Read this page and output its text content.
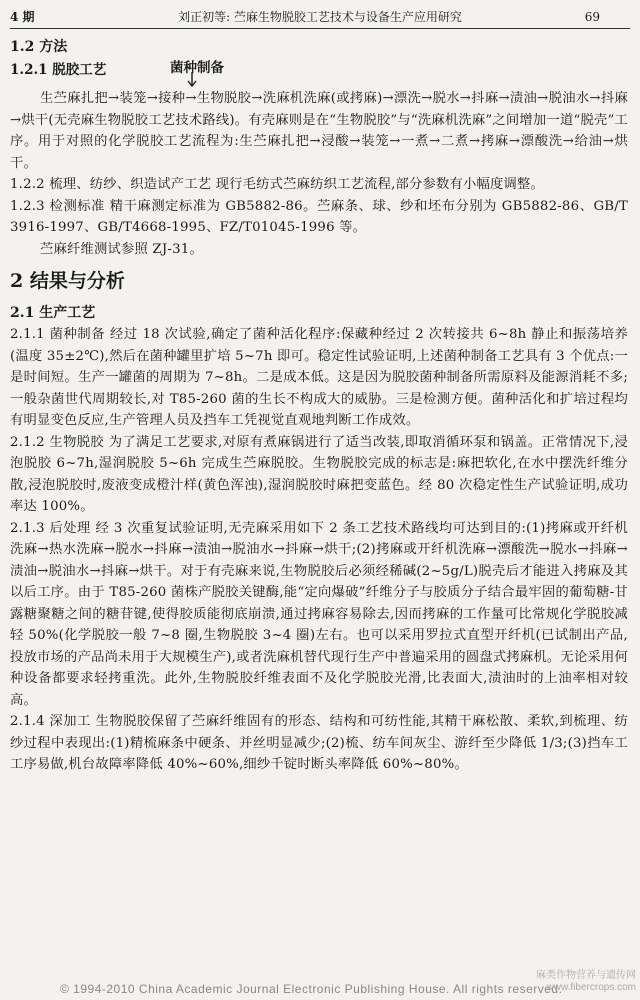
4 期	刘正初等: 苎麻生物脱胶工艺技术与设备生产应用研究	69

1.2 方法

1.2.1 脱胶工艺	菌种制备

生苎麻扎把→装笼→接种→生物脱胶→洗麻机洗麻(或拷麻)→漂洗→脱水→抖麻→渍油→脱油水→抖麻→烘干(无壳麻生物脱胶工艺技术路线)。有壳麻则是在“生物脱胶”与“洗麻机洗麻”之间增加一道“脱壳”工序。用于对照的化学脱胶工艺流程为:生苎麻扎把→浸酸→装笼→一煮→二煮→拷麻→漂酸洗→给油→烘干。

1.2.2 梳理、纺纱、织造试产工艺 现行毛纺式苎麻纺织工艺流程,部分参数有小幅度调整。

1.2.3 检测标准 精干麻测定标准为 GB5882-86。苎麻条、球、纱和坯布分别为 GB5882-86、GB/T 3916-1997、GB/T4668-1995、FZ/T01045-1996 等。

苎麻纤维测试参照 ZJ-31。

2 结果与分析

2.1 生产工艺

2.1.1 菌种制备 经过 18 次试验,确定了菌种活化程序:保藏种经过 2 次转接共 6~8h 静止和振荡培养(温度 35±2℃),然后在菌种罐里扩培 5~7h 即可。稳定性试验证明,上述菌种制备工艺具有 3 个优点:一是时间短。生产一罐菌的周期为 7~8h。二是成本低。这是因为脱胶菌种制备所需原料及能源消耗不多;一般杂菌世代周期较长,对 T85-260 菌的生长不构成大的威胁。三是检测方便。菌种活化和扩培过程均有明显变色反应,生产管理人员及挡车工凭视觉直观地判断工作成效。

2.1.2 生物脱胶 为了满足工艺要求,对原有煮麻锅进行了适当改装,即取消循环泵和锅盖。正常情况下,浸泡脱胶 6~7h,湿润脱胶 5~6h 完成生苎麻脱胶。生物脱胶完成的标志是:麻把软化,在水中摆洗纤维分散,浸泡脱胶时,废液变成橙汁样(黄色浑浊),湿润脱胶时麻把变蓝色。经 80 次稳定性生产试验证明,成功率达 100%。

2.1.3 后处理 经 3 次重复试验证明,无壳麻采用如下 2 条工艺技术路线均可达到目的:(1)拷麻或开纤机洗麻→热水洗麻→脱水→抖麻→渍油→脱油水→抖麻→烘干;(2)拷麻或开纤机洗麻→漂酸洗→脱水→抖麻→渍油→脱油水→抖麻→烘干。对于有壳麻来说,生物脱胶后必须经稀碱(2~5g/L)脱壳后才能进入拷麻及其以后工序。由于 T85-260 菌株产脱胶关键酶,能“定向爆破”纤维分子与胶质分子结合最牢固的葡萄糖-甘露糖聚糖之间的糖苷键,使得胶质能彻底崩溃,通过拷麻容易除去,因而拷麻的工作量可比常规化学脱胶减轻 50%(化学脱胶一般 7~8 圈,生物脱胶 3~4 圈)左右。也可以采用罗拉式直型开纤机(已试制出产品,投放市场的产品尚未用于大规模生产),或者洗麻机替代现行生产中普遍采用的圆盘式拷麻机。无论采用何种设备都要求轻拷重洗。此外,生物脱胶纤维表面不及化学脱胶光滑,比表面大,渍油时的上油率相对较高。

2.1.4 深加工 生物脱胶保留了苎麻纤维固有的形态、结构和可纺性能,其精干麻松散、柔软,到梳理、纺纱过程中表现出:(1)精梳麻条中硬条、并丝明显减少;(2)梳、纺车间灰尘、游纤至少降低 1/3;(3)挡车工工序易做,机台故障率降低 40%~60%,细纱千锭时断头率降低 60%~80%。

© 1994-2010 China Academic Journal Electronic Publishing House. All rights reserved.
麻类作物营养与遗传网
www.fibercrops.com
